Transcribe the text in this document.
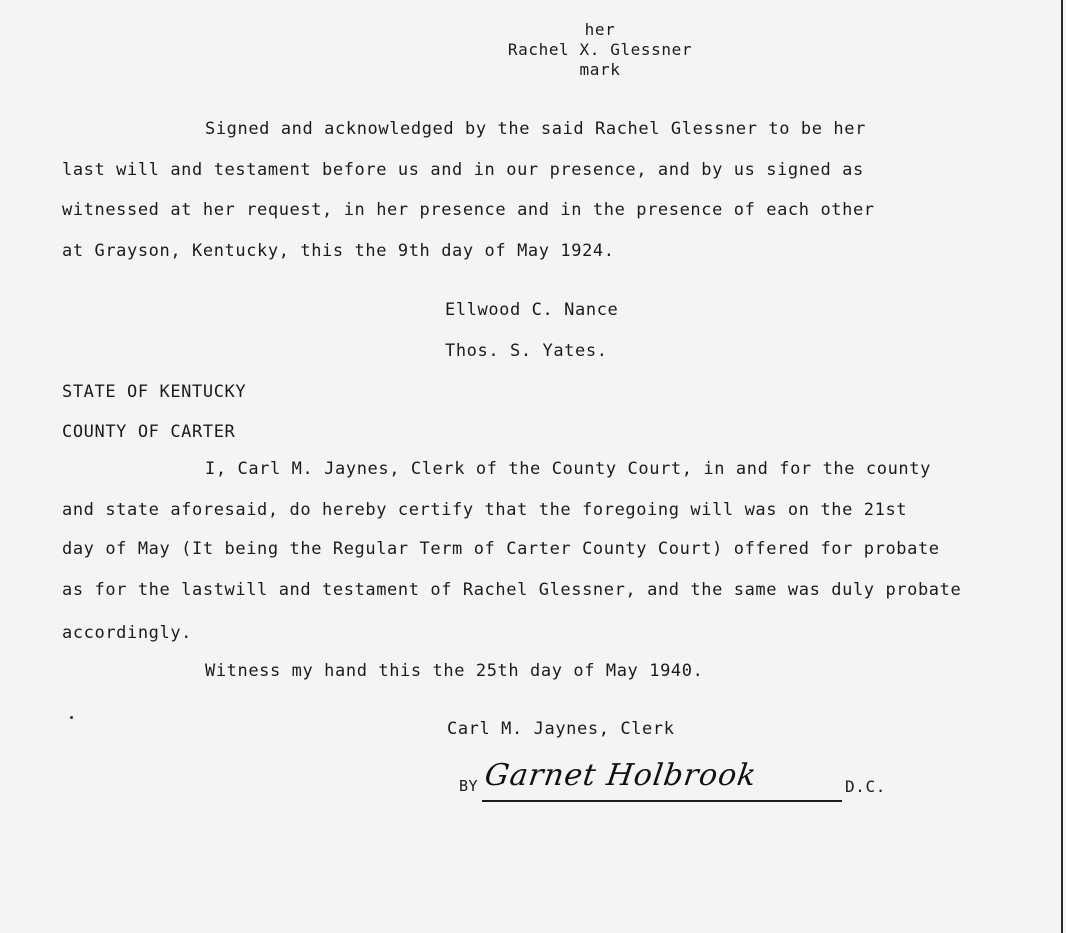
her
Rachel X. Glessner
mark
Signed and acknowledged by the said Rachel Glessner to be her
last will and testament before us and in our presence, and by us signed as
witnessed at her request, in her presence and in the presence of each other
at Grayson, Kentucky, this the 9th day of May 1924.
Ellwood C. Nance
Thos. S. Yates.
STATE OF KENTUCKY
COUNTY OF CARTER
I, Carl M. Jaynes, Clerk of the County Court, in and for the county
and state aforesaid, do hereby certify that the foregoing will was on the 21st
day of May (It being the Regular Term of Carter County Court) offered for probate
as for the lastwill and testament of Rachel Glessner, and the same was duly probate
accordingly.
Witness my hand this the 25th day of May 1940.
Carl M. Jaynes, Clerk
BY Garnet Holbrook	D.C.
